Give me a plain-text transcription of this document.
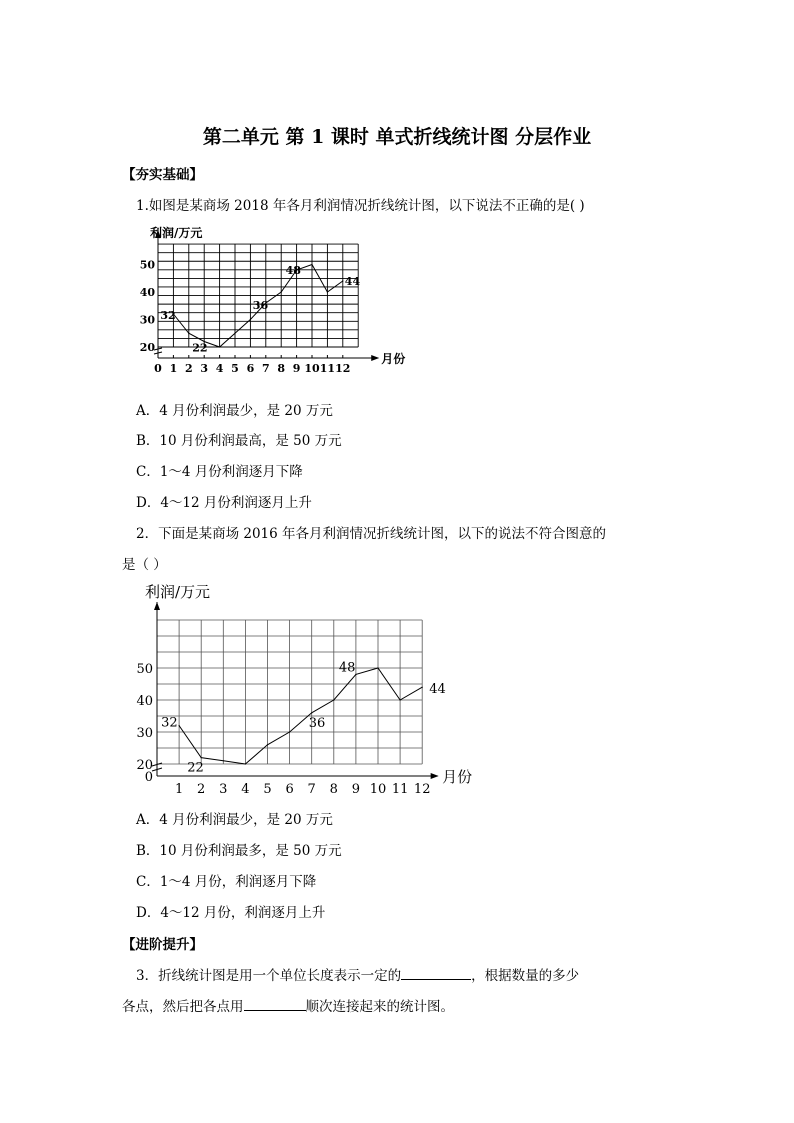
第二单元 第 1 课时 单式折线统计图 分层作业
【夯实基础】
1.如图是某商场 2018 年各月利润情况折线统计图，以下说法不正确的是( )
利润/万元
月份
0 1 2 3 4 5 6 7 8 9 10 11 12
20
30
40
50
32
22
36
48
44
A．4 月份利润最少，是 20 万元
B．10 月份利润最高，是 50 万元
C．1～4 月份利润逐月下降
D．4～12 月份利润逐月上升
2．下面是某商场 2016 年各月利润情况折线统计图，以下的说法不符合图意的
是（ ）
利润/万元
月份
1 2 3 4 5 6 7 8 9 10 11 12
0
20
30
40
50
32
22
36
48
44
A．4 月份利润最少，是 20 万元
B．10 月份利润最多，是 50 万元
C．1～4 月份，利润逐月下降
D．4～12 月份，利润逐月上升
【进阶提升】
3．折线统计图是用一个单位长度表示一定的	，根据数量的多少
各点，然后把各点用	顺次连接起来的统计图。
